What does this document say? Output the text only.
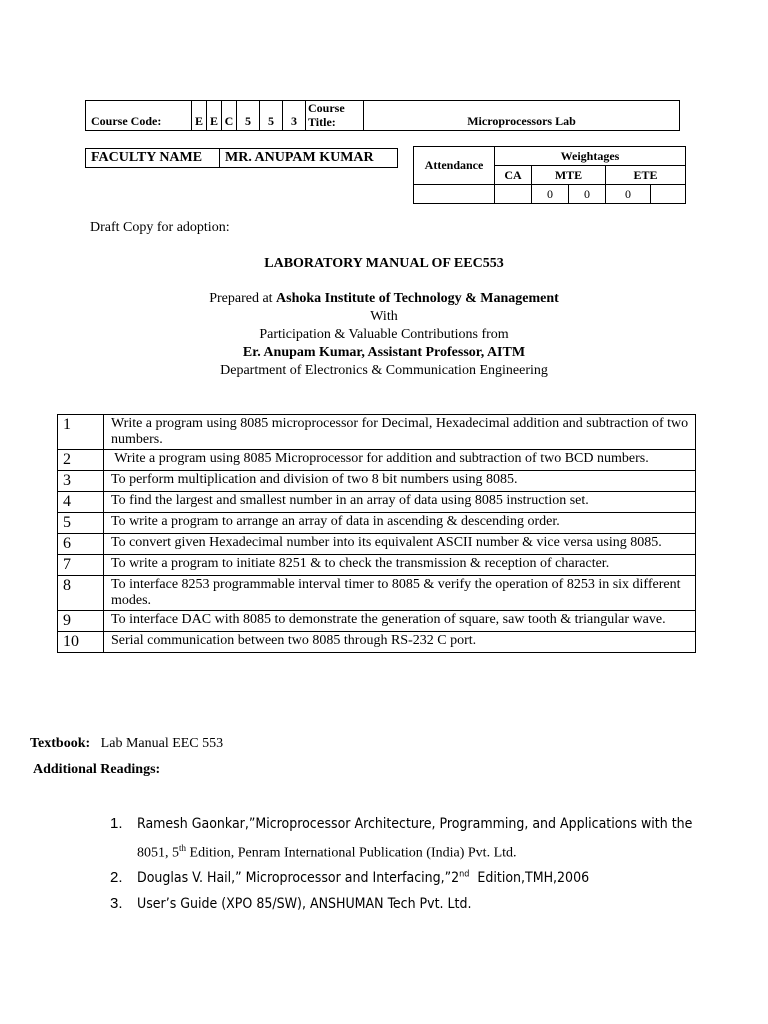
Course Code:	E	E	C	5	5	3	
Course
Title:	Microprocessors Lab
FACULTY NAME	MR. ANUPAM KUMAR	Attendance	Weightages				
	CA	MTE		ETE	
		0	0	0	
Draft Copy for adoption:
LABORATORY MANUAL OF EEC553
Prepared at Ashoka Institute of Technology & Management
With
Participation & Valuable Contributions from
Er. Anupam Kumar, Assistant Professor, AITM
Department of Electronics & Communication Engineering
1	Write a program using 8085 microprocessor for Decimal, Hexadecimal addition and subtraction of two numbers.
2	Write a program using 8085 Microprocessor for addition and subtraction of two BCD numbers.
3	To perform multiplication and division of two 8 bit numbers using 8085.
4	To find the largest and smallest number in an array of data using 8085 instruction set.
5	To write a program to arrange an array of data in ascending & descending order.
6	To convert given Hexadecimal number into its equivalent ASCII number & vice versa using 8085.
7	To write a program to initiate 8251 & to check the transmission & reception of character.
8	To interface 8253 programmable interval timer to 8085 & verify the operation of 8253 in six different modes.
9	To interface DAC with 8085 to demonstrate the generation of square, saw tooth & triangular wave.
10	Serial communication between two 8085 through RS-232 C port.
Textbook: Lab Manual EEC 553
Additional Readings:
1. Ramesh Gaonkar,”Microprocessor Architecture, Programming, and Applications with the
8051, 5th Edition, Penram International Publication (India) Pvt. Ltd.
2. Douglas V. Hail,” Microprocessor and Interfacing,”2nd  Edition,TMH,2006
3. User’s Guide (XPO 85/SW), ANSHUMAN Tech Pvt. Ltd.
